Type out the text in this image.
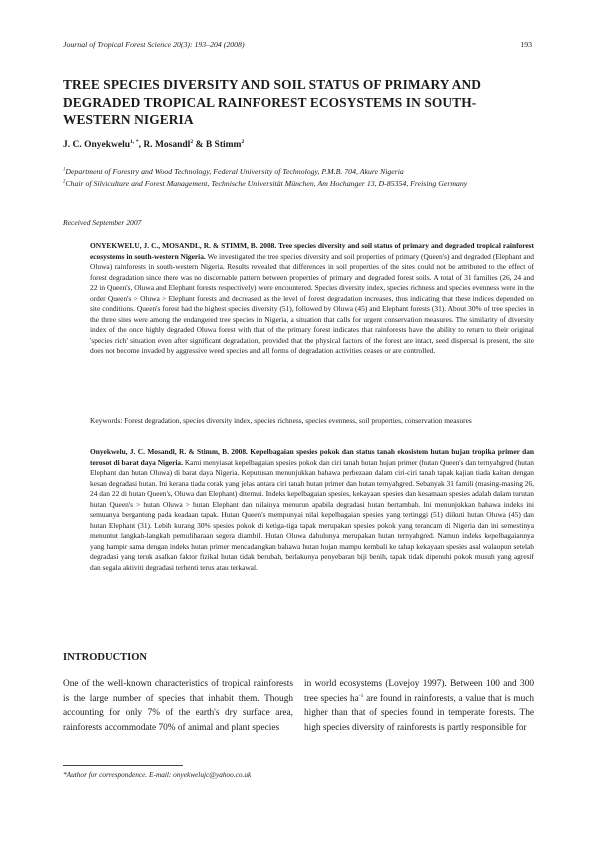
Journal of Tropical Forest Science 20(3): 193–204 (2008)	193
TREE SPECIES DIVERSITY AND SOIL STATUS OF PRIMARY AND DEGRADED TROPICAL RAINFOREST ECOSYSTEMS IN SOUTH-WESTERN NIGERIA
J. C. Onyekwelu$^{1, *}$, R. Mosandl$^2$ & B Stimm$^2$
$^1$Department of Forestry and Wood Technology, Federal University of Technology, P.M.B. 704, Akure Nigeria
$^2$Chair of Silviculture and Forest Management, Technische Universität München, Am Hochanger 13, D-85354, Freising Germany
Received September 2007

ONYEKWELU, J. C., MOSANDL, R. & STIMM, B. 2008. Tree species diversity and soil status of primary and degraded tropical rainforest ecosystems in south-western Nigeria. We investigated the tree species diversity and soil properties of primary (Queen's) and degraded (Elephant and Oluwa) rainforests in south-western Nigeria. Results revealed that differences in soil properties of the sites could not be attributed to the effect of forest degradation since there was no discernable pattern between properties of primary and degraded forest soils. A total of 31 families (26, 24 and 22 in Queen's, Oluwa and Elephant forests respectively) were encountered. Species diversity index, species richness and species evenness were in the order Queen's > Oluwa > Elephant forests and decreased as the level of forest degradation increases, thus indicating that these indices depended on site conditions. Queen's forest had the highest species diversity (51), followed by Oluwa (45) and Elephant forests (31). About 30% of tree species in the three sites were among the endangered tree species in Nigeria, a situation that calls for urgent conservation measures. The similarity of diversity index of the once highly degraded Oluwa forest with that of the primary forest indicates that rainforests have the ability to return to their original 'species rich' situation even after significant degradation, provided that the physical factors of the forest are intact, seed dispersal is present, the site does not become invaded by aggressive weed species and all forms of degradation activities ceases or are controlled.

Keywords: Forest degradation, species diversity index, species richness, species evenness, soil properties, conservation measures

Onyekwelu, J. C. Mosandl, R. & Stimm, B. 2008. Kepelbagaian spesies pokok dan status tanah ekosistem hutan hujan tropika primer dan terosot di barat daya Nigeria. Kami menyiasat kepelbagaian spesies pokok dan ciri tanah hutan hujan primer (hutan Queen's dan ternyahgred (hutan Elephant dan hutan Oluwa) di barat daya Nigeria. Keputusan menunjukkan bahawa perbezaan dalam ciri-ciri tanah tapak kajian tiada kaitan dengan kesan degradasi hutan. Ini kerana tiada corak yang jelas antara ciri tanah hutan primer dan hutan ternyahgred. Sebanyak 31 famili (masing-masing 26, 24 dan 22 di hutan Queen's, Oluwa dan Elephant) ditemui. Indeks kepelbagaian spesies, kekayaan spesies dan kesamaan spesies adalah dalam turutan hutan Queen's > hutan Oluwa > hutan Elephant dan nilainya menurun apabila degradasi hutan bertambah. Ini menunjukkan bahawa indeks ini semuanya bergantung pada keadaan tapak. Hutan Queen's mempunyai nilai kepelbagaian spesies yang tertinggi (51) diikuti hutan Oluwa (45) dan hutan Elephant (31). Lebih kurang 30% spesies pokok di ketiga-tiga tapak merupakan spesies pokok yang terancam di Nigeria dan ini semestinya menuntut langkah-langkah pemuliharaan segera diambil. Hutan Oluwa dahulunya merupakan hutan ternyahgred. Namun indeks kepelbagaiannya yang hampir sama dengan indeks hutan primer mencadangkan bahawa hutan hujan mampu kembali ke tahap kekayaan spesies asal walaupun setelah degradasi yang teruk asalkan faktor fizikal hutan tidak berubah, berlakunya penyebaran biji benih, tapak tidak dipenuhi pokok musuh yang agresif dan segala aktiviti degradasi terhenti terus atau terkawal.

INTRODUCTION

One of the well-known characteristics of tropical rainforests is the large number of species that inhabit them. Though accounting for only 7% of the earth's dry surface area, rainforests accommodate 70% of animal and plant species

in world ecosystems (Lovejoy 1997). Between 100 and 300 tree species $ha^{-1}$ are found in rainforests, a value that is much higher than that of species found in temperate forests. The high species diversity of rainforests is partly responsible for

*Author for correspondence. E-mail: onyekwelujc@yahoo.co.uk
